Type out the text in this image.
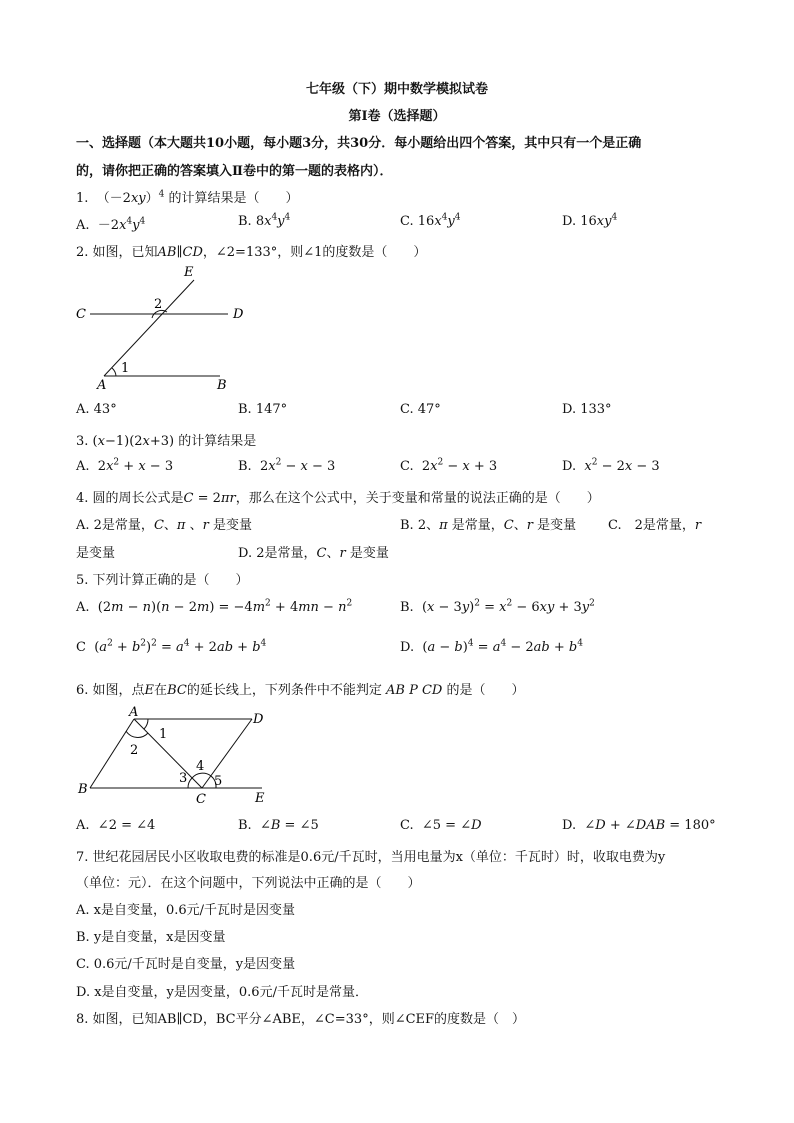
七年级（下）期中数学模拟试卷
第Ⅰ卷（选择题）
一、选择题（本大题共10小题，每小题3分，共30分．每小题给出四个答案，其中只有一个是正确
的，请你把正确的答案填入Ⅱ卷中的第一题的表格内）．
1.  $(-2xy)^4$ 的计算结果是（　　）
A.  $-2x^4y^4$	B. $8x^4y^4$	C. $16x^4y^4$	D. $16xy^4$
2. 如图，已知AB∥CD，∠2=133°，则∠1的度数是（　　）
E
C	D
A	B
1
2
A. 43°	B. 147°	C. 47°	D. 133°
3. (x−1)(2x+3) 的计算结果是
A.  $2x^2 + x - 3$	B.  $2x^2 - x - 3$	C.  $2x^2 - x + 3$	D. $x^2 - 2x - 3$
4. 圆的周长公式是C = 2πr，那么在这个公式中，关于变量和常量的说法正确的是（　　）
A. 2是常量，C、π 、r 是变量	B. 2、π 是常量，C、r 是变量 C.　2是常量，r
是变量	D. 2是常量，C、r 是变量
5. 下列计算正确的是（　　）
A.  $(2m - n)(n - 2m) = -4m^2 + 4mn - n^2$	B.  $(x - 3y)^2 = x^2 - 6xy + 3y^2$
C  $(a^2 + b^2)^2 = a^4 + 2ab + b^4$	D.  $(a - b)^4 = a^4 - 2ab + b^4$
6. 如图，点E在BC的延长线上，下列条件中不能判定 AB P CD 的是（　　）
A	D
B
C	E
1
2
3
4
5
A.  ∠2 = ∠4	B.  ∠B = ∠5	C.  ∠5 = ∠D	D.  ∠D + ∠DAB = 180°
7. 世纪花园居民小区收取电费的标准是0.6元/千瓦时，当用电量为x（单位：千瓦时）时，收取电费为y
（单位：元）．在这个问题中，下列说法中正确的是（　　）
A. x是自变量，0.6元/千瓦时是因变量
B. y是自变量，x是因变量
C. 0.6元/千瓦时是自变量，y是因变量
D. x是自变量，y是因变量，0.6元/千瓦时是常量．
8. 如图，已知AB∥CD，BC平分∠ABE，∠C=33°，则∠CEF的度数是（　）
